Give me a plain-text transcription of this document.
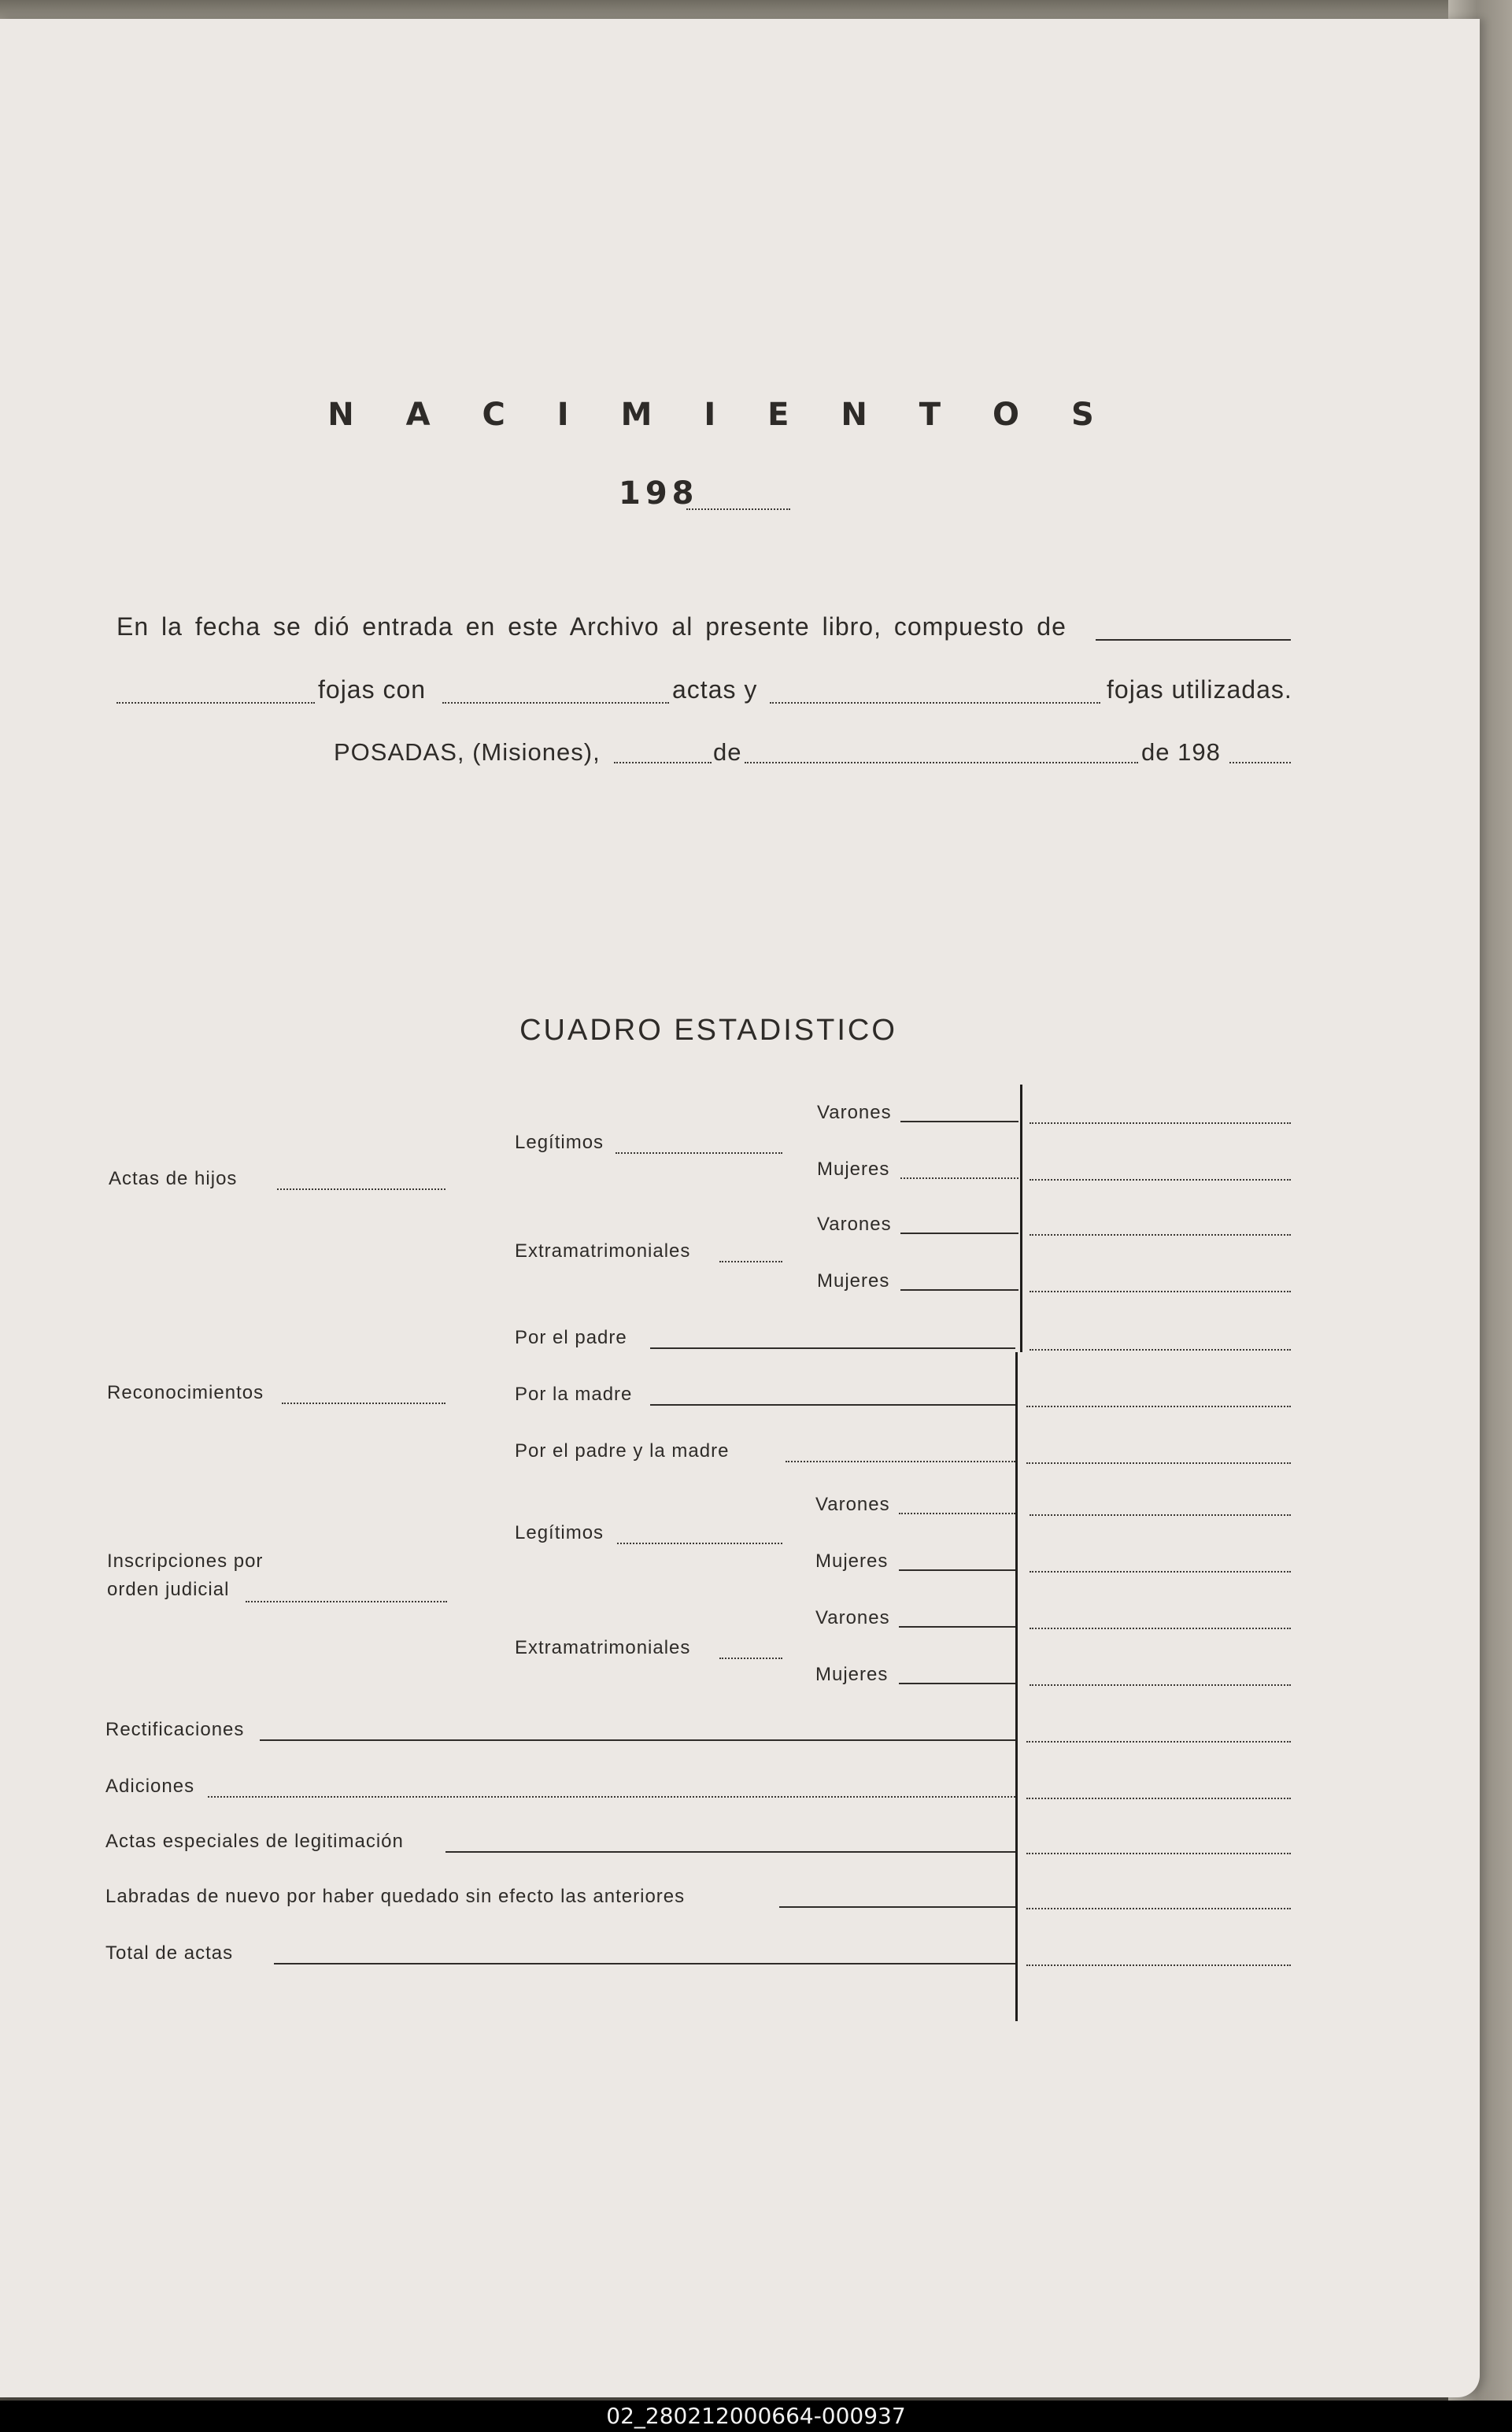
N A C I M I E N T O S
198
En la fecha se dió entrada en este Archivo al presente libro, compuesto de
fojas con	actas y	fojas utilizadas.
POSADAS, (Misiones),	de	de 198
CUADRO ESTADISTICO
Actas de hijos
Legítimos
Varones
Mujeres
Extramatrimoniales
Varones
Mujeres
Reconocimientos
Por el padre
Por la madre
Por el padre y la madre
Inscripciones por
orden judicial
Legítimos
Varones
Mujeres
Extramatrimoniales
Varones
Mujeres
Rectificaciones
Adiciones
Actas especiales de legitimación
Labradas de nuevo por haber quedado sin efecto las anteriores
Total de actas
02_280212000664-000937
